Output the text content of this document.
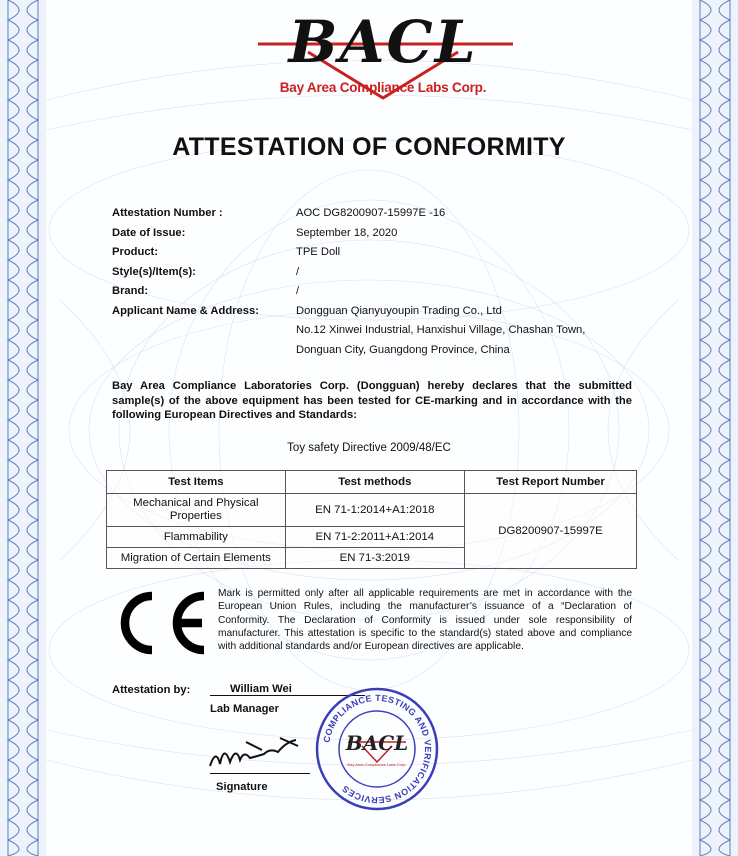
BACL
Bay Area Compliance Labs Corp.
ATTESTATION OF CONFORMITY
Attestation Number :	AOC DG8200907-15997E -16
Date of Issue:	September 18, 2020
Product:	TPE Doll
Style(s)/Item(s):	/
Brand:	/
Applicant Name & Address:	Dongguan Qianyuyoupin Trading Co., Ltd
No.12 Xinwei Industrial, Hanxishui Village, Chashan Town,
Donguan City, Guangdong Province, China
Bay Area Compliance Laboratories Corp. (Dongguan) hereby declares that the submitted sample(s) of the above equipment has been tested for CE-marking and in accordance with the following European Directives and Standards:
Toy safety Directive 2009/48/EC
Test Items	Test methods	Test Report Number
Mechanical and Physical Properties	EN 71-1:2014+A1:2018	DG8200907-15997E
Flammability	EN 71-2:2011+A1:2014	
Migration of Certain Elements	EN 71-3:2019	
Mark is permitted only after all applicable requirements are met in accordance with the European Union Rules, including the manufacturer’s issuance of a “Declaration of Conformity. The Declaration of Conformity is issued under sole responsibility of manufacturer. This attestation is specific to the standard(s) stated above and compliance with additional standards and/or European directives are applicable.
Attestation by:	William Wei
Lab Manager
Signature
COMPLIANCE TESTING AND VERIFICATION SERVICES
BACL
Bay Area Compliance Labs Corp.
